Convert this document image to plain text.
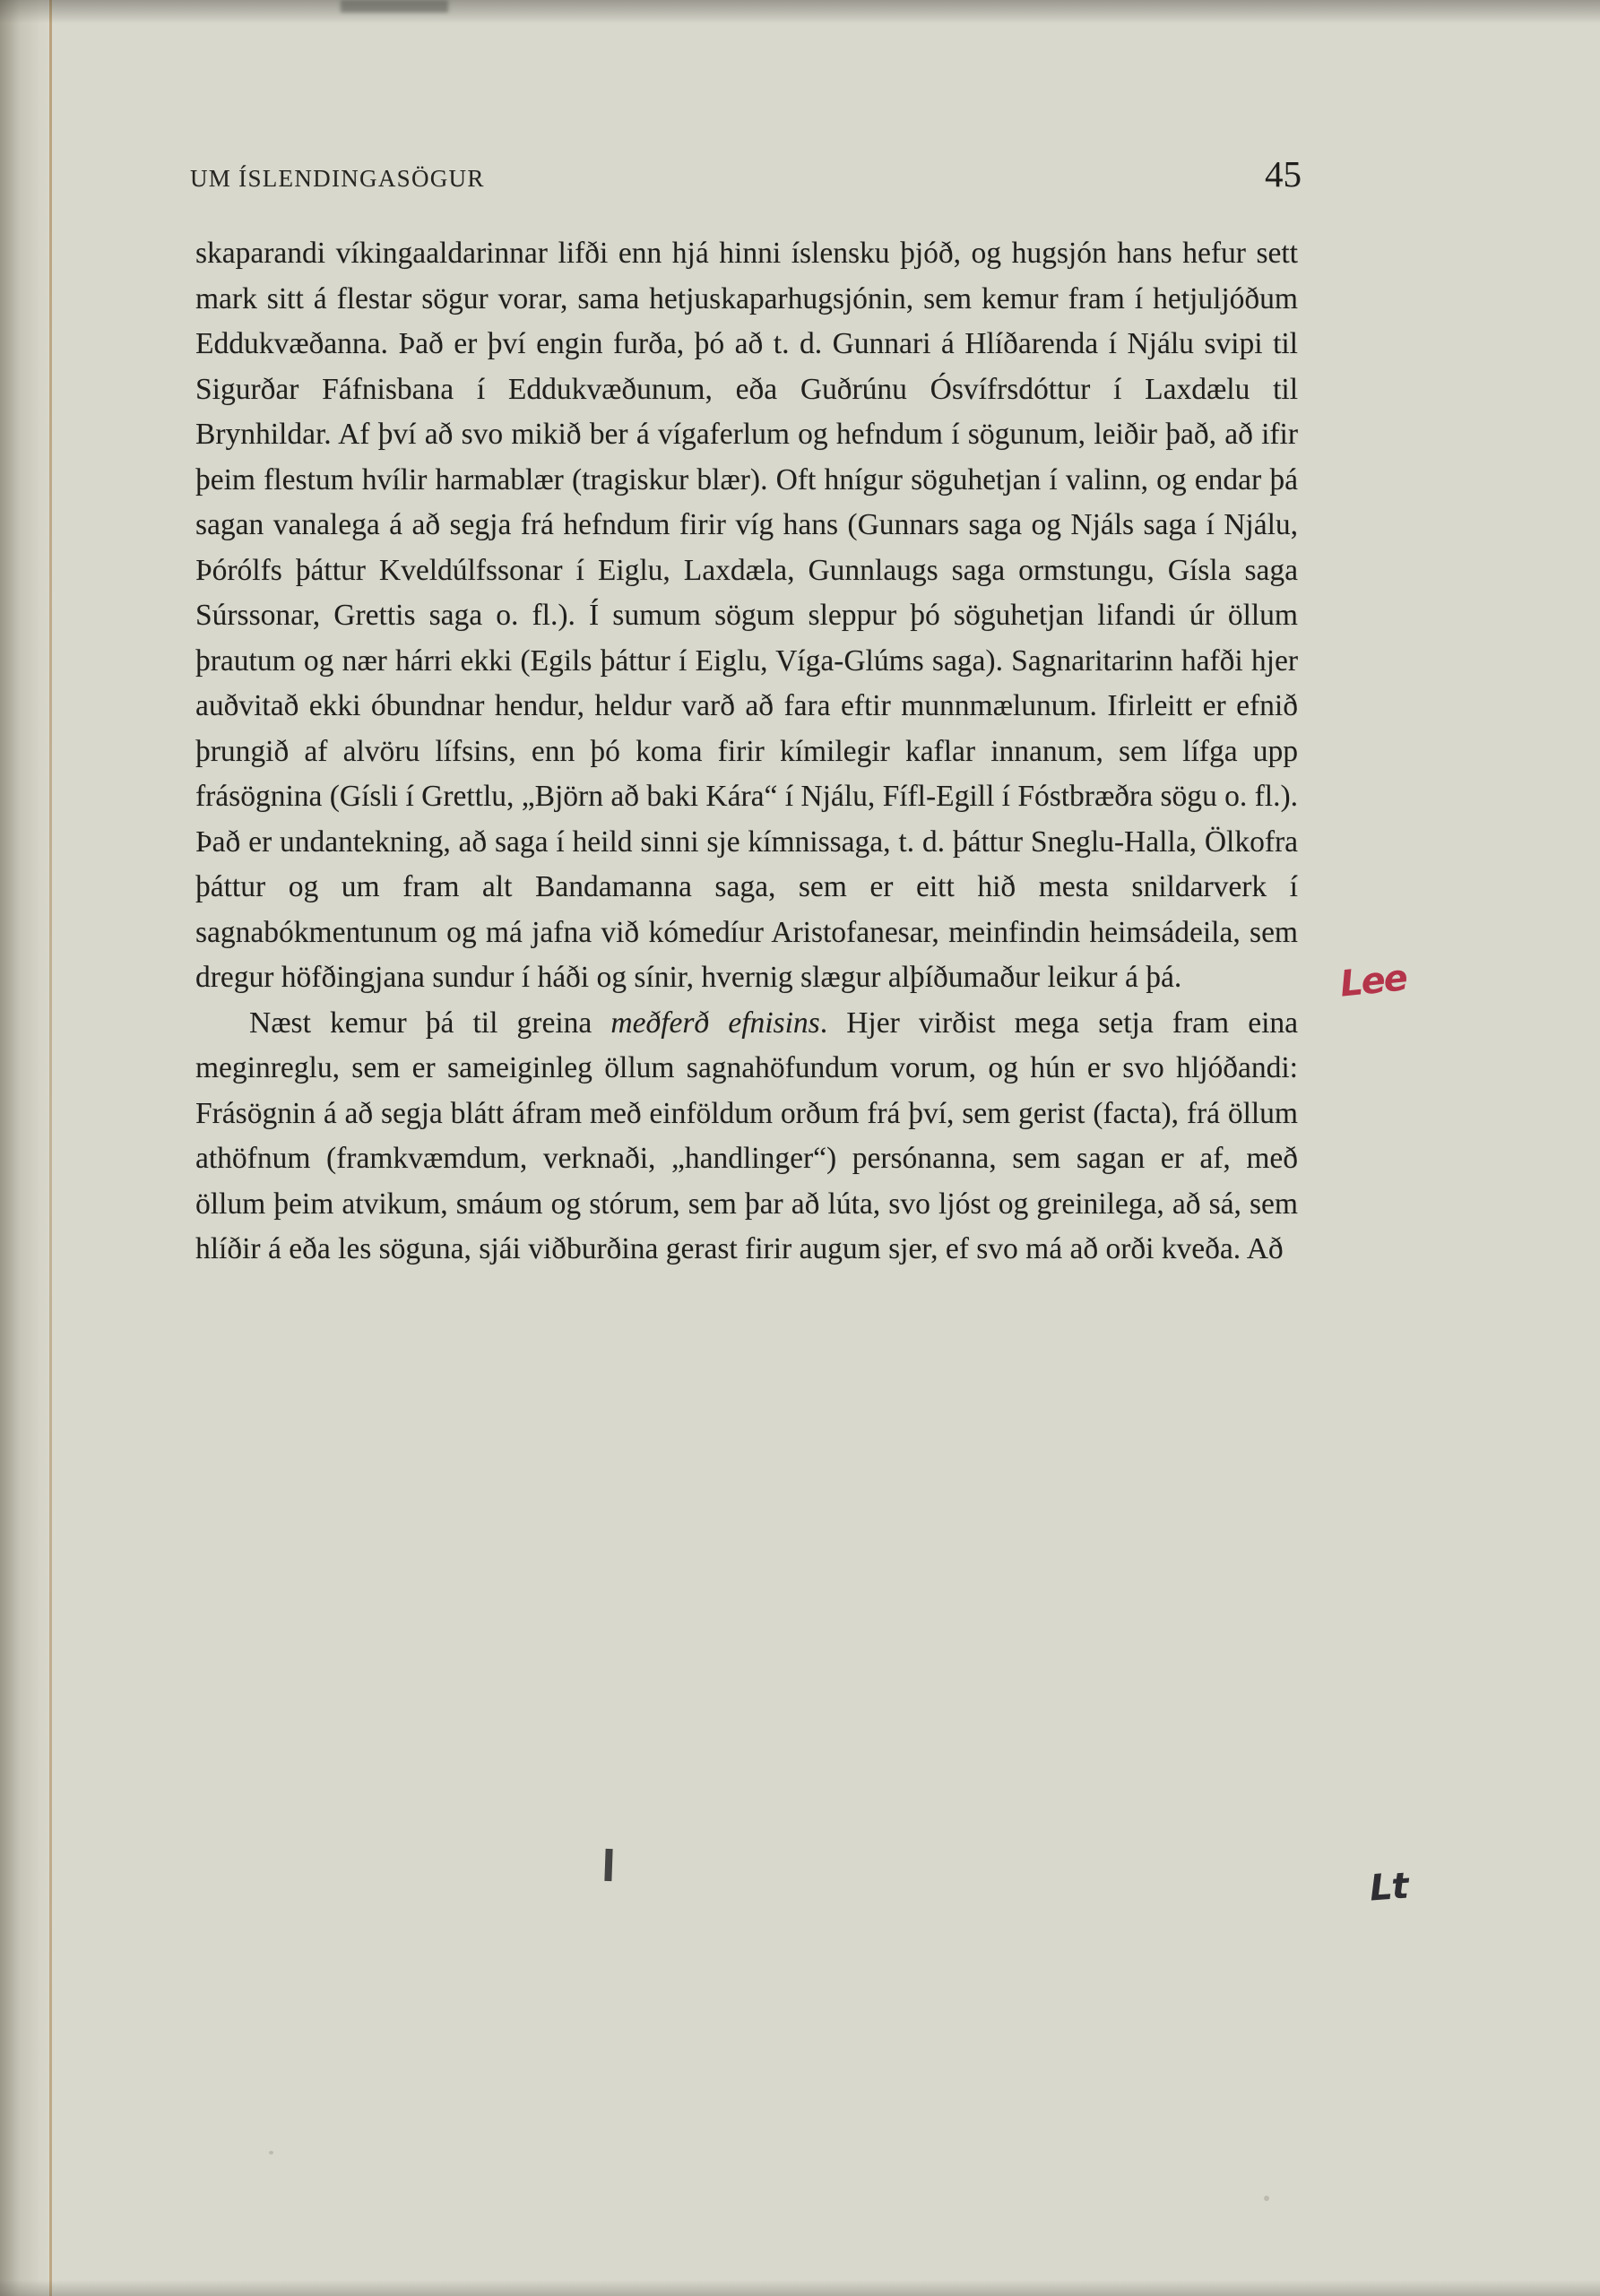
UM ÍSLENDINGASÖGUR	45

skaparandi víkingaaldarinnar lifði enn hjá hinni íslensku þjóð, og hugsjón hans hefur sett mark sitt á flestar sögur vorar, sama hetjuskaparhugsjónin, sem kemur fram í hetjuljóðum Eddukvæðanna. Það er því engin furða, þó að t. d. Gunnari á Hlíðarenda í Njálu svipi til Sigurðar Fáfnisbana í Eddukvæðunum, eða Guðrúnu Ósvífrsdóttur í Laxdælu til Brynhildar. Af því að svo mikið ber á vígaferlum og hefndum í sögunum, leiðir það, að ifir þeim flestum hvílir harmablær (tragiskur blær). Oft hnígur söguhetjan í valinn, og endar þá sagan vanalega á að segja frá hefndum firir víg hans (Gunnars saga og Njáls saga í Njálu, Þórólfs þáttur Kveldúlfssonar í Eiglu, Laxdæla, Gunnlaugs saga ormstungu, Gísla saga Súrssonar, Grettis saga o. fl.). Í sumum sögum sleppur þó söguhetjan lifandi úr öllum þrautum og nær hárri ekki (Egils þáttur í Eiglu, Víga-Glúms saga). Sagnaritarinn hafði hjer auðvitað ekki óbundnar hendur, heldur varð að fara eftir munnmælunum. Ifirleitt er efnið þrungið af alvöru lífsins, enn þó koma firir kímilegir kaflar innanum, sem lífga upp frásögnina (Gísli í Grettlu, „Björn að baki Kára“ í Njálu, Fífl-Egill í Fóstbræðra sögu o. fl.). Það er undantekning, að saga í heild sinni sje kímnissaga, t. d. þáttur Sneglu-Halla, Ölkofra þáttur og um fram alt Bandamanna saga, sem er eitt hið mesta snildarverk í sagnabókmentunum og má jafna við kómedíur Aristofanesar, meinfindin heimsádeila, sem dregur höfðingjana sundur í háði og sínir, hvernig slægur alþíðumaður leikur á þá.

Næst kemur þá til greina meðferð efnisins. Hjer virðist mega setja fram eina meginreglu, sem er sameiginleg öllum sagnahöfundum vorum, og hún er svo hljóðandi: Frásögnin á að segja blátt áfram með einföldum orðum frá því, sem gerist (facta), frá öllum athöfnum (framkvæmdum, verknaði, „handlinger“) persónanna, sem sagan er af, með öllum þeim atvikum, smáum og stórum, sem þar að lúta, svo ljóst og greinilega, að sá, sem hlíðir á eða les söguna, sjái viðburðina gerast firir augum sjer, ef svo má að orði kveða. Að

Lee
Lt
